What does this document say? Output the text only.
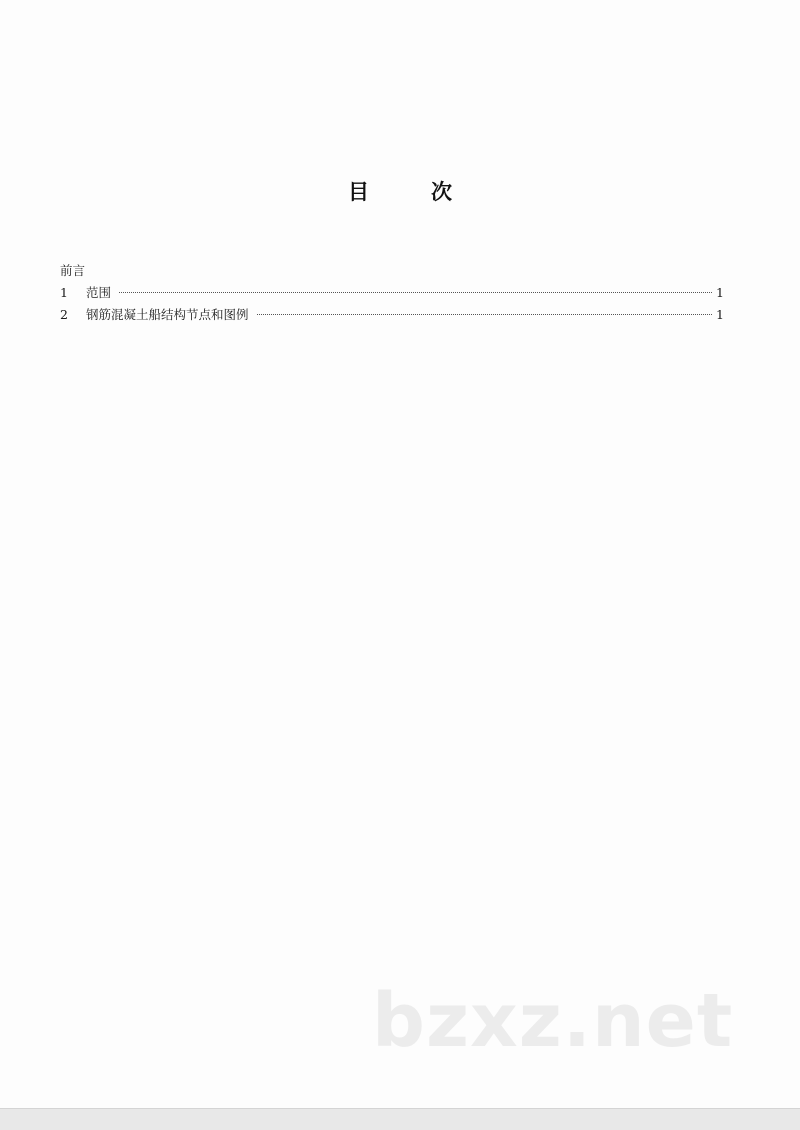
目	次
前言
1	范围	1
2	钢筋混凝土船结构节点和图例	1
bzxz.net
